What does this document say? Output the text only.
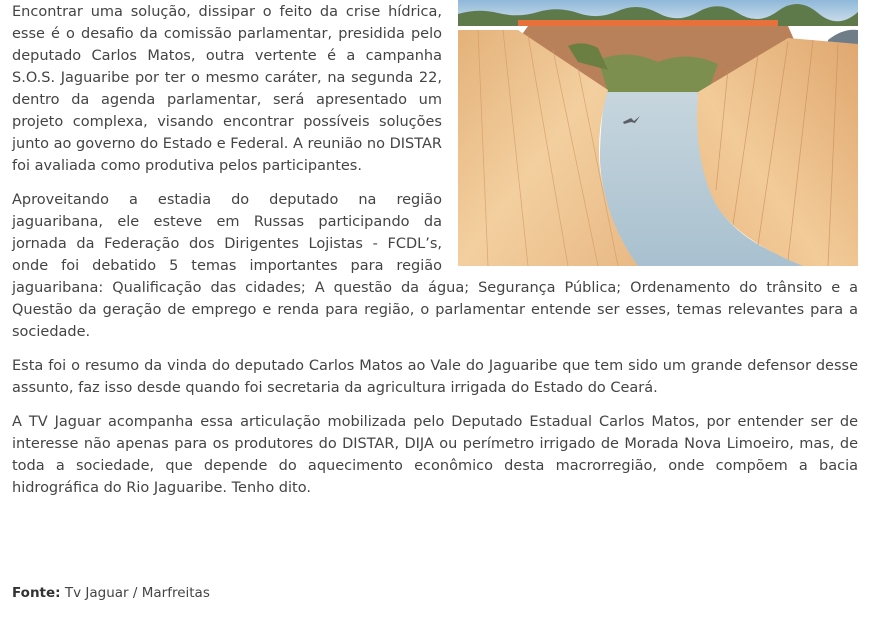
Encontrar uma solução, dissipar o feito da crise hídrica, esse é o desafio da comissão parlamentar, presidida pelo deputado Carlos Matos, outra vertente é a campanha S.O.S. Jaguaribe por ter o mesmo caráter, na segunda 22, dentro da agenda parlamentar, será apresentado um projeto complexa, visando encontrar possíveis soluções junto ao governo do Estado e Federal. A reunião no DISTAR foi avaliada como produtiva pelos participantes.

Aproveitando a estadia do deputado na região jaguaribana, ele esteve em Russas participando da jornada da Federação dos Dirigentes Lojistas - FCDL’s, onde foi debatido 5 temas importantes para região jaguaribana: Qualificação das cidades; A questão da água; Segurança Pública; Ordenamento do trânsito e a Questão da geração de emprego e renda para região, o parlamentar entende ser esses, temas relevantes para a sociedade.

Esta foi o resumo da vinda do deputado Carlos Matos ao Vale do Jaguaribe que tem sido um grande defensor desse assunto, faz isso desde quando foi secretaria da agricultura irrigada do Estado do Ceará.

A TV Jaguar acompanha essa articulação mobilizada pelo Deputado Estadual Carlos Matos, por entender ser de interesse não apenas para os produtores do DISTAR, DIJA ou perímetro irrigado de Morada Nova Limoeiro, mas, de toda a sociedade, que depende do aquecimento econômico desta macrorregião, onde compõem a bacia hidrográfica do Rio Jaguaribe. Tenho dito.

Fonte: Tv Jaguar / Marfreitas
